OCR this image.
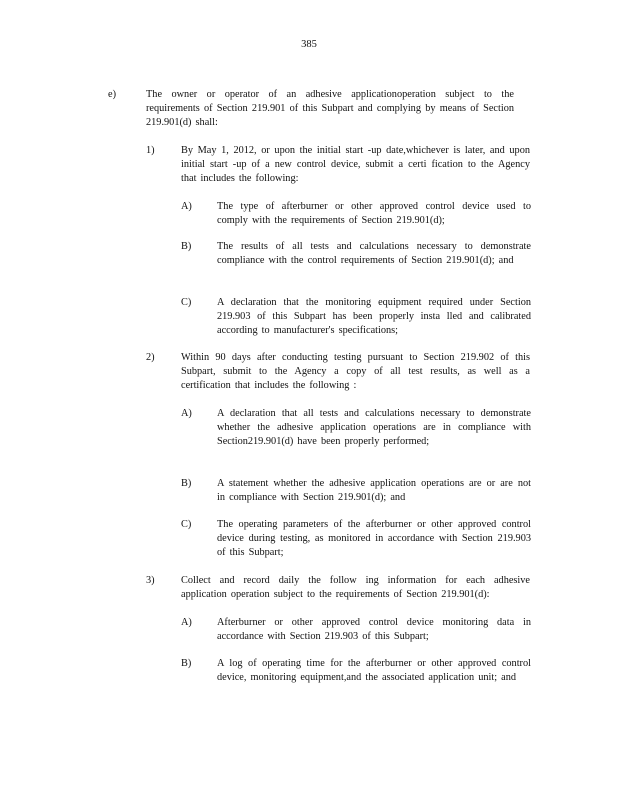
385
e)	The owner or operator of an adhesive applicationoperation subject to the requirements of Section 219.901 of this Subpart and complying by means of Section 219.901(d) shall:
1)	By May 1, 2012, or upon the initial start -up date,whichever is later, and upon initial start -up of a new control device, submit a certi fication to the Agency that includes the following:
A) The type of afterburner or other approved control device used to comply with the requirements of Section 219.901(d);
B) The results of all tests and calculations necessary to demonstrate compliance with the control requirements of Section 219.901(d); and
C) A declaration that the monitoring equipment required under Section 219.903 of this Subpart has been properly insta lled and calibrated according to manufacturer's specifications;
2)	Within 90 days after conducting testing pursuant to Section 219.902 of this Subpart, submit to the Agency a copy of all test results, as well as a certification that includes the following :
A) A declaration that all tests and calculations necessary to demonstrate whether the adhesive application operations are in compliance with Section219.901(d) have been properly performed;
B) A statement whether the adhesive application operations are or are not in compliance with Section 219.901(d); and
C) The operating parameters of the afterburner or other approved control device during testing, as monitored in accordance with Section 219.903 of this Subpart;
3)	Collect and record daily the follow ing information for each adhesive application operation subject to the requirements of Section 219.901(d):
A) Afterburner or other approved control device monitoring data in accordance with Section 219.903 of this Subpart;
B) A log of operating time for the afterburner or other approved control device, monitoring equipment,and the associated application unit; and
